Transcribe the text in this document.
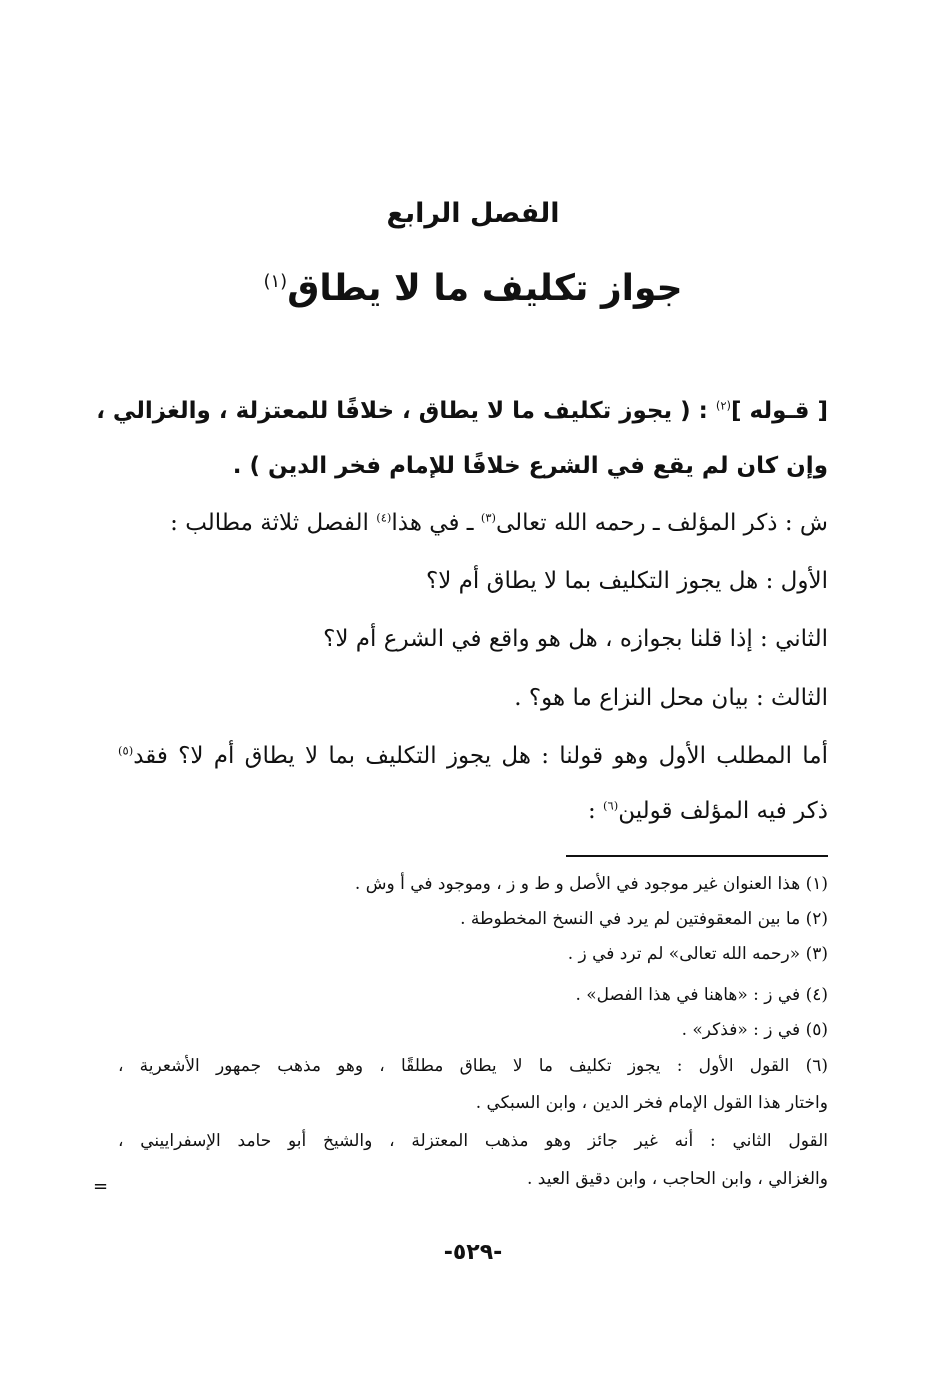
الفصل الرابع
جواز تكليف ما لا يطاق$^{(١)}$
[ قـوله ]$^{(٢)}$ : ( يجوز تكليف ما لا يطاق ، خلافًا للمعتزلة ، والغزالي ،
وإن كان لم يقع في الشرع خلافًا للإمام فخر الدين ) .
ش : ذكر المؤلف ـ رحمه الله تعالى$^{(٣)}$ ـ في هذا$^{(٤)}$ الفصل ثلاثة مطالب :
الأول : هل يجوز التكليف بما لا يطاق أم لا؟
الثاني : إذا قلنا بجوازه ، هل هو واقع في الشرع أم لا؟
الثالث : بيان محل النزاع ما هو؟ .
أما المطلب الأول وهو قولنا : هل يجوز التكليف بما لا يطاق أم لا؟ فقد$^{(٥)}$
ذكر فيه المؤلف قولين$^{(٦)}$ :
(١) هذا العنوان غير موجود في الأصل و ط و ز ، وموجود في أ وش .
(٢) ما بين المعقوفتين لم يرد في النسخ المخطوطة .
(٣) «رحمه الله تعالى» لم ترد في ز .
(٤) في ز : «هاهنا في هذا الفصل» .
(٥) في ز : «فذكر» .
(٦) القول الأول : يجوز تكليف ما لا يطاق مطلقًا ، وهو مذهب جمهور الأشعرية ،
واختار هذا القول الإمام فخر الدين ، وابن السبكي .
القول الثاني : أنه غير جائز وهو مذهب المعتزلة ، والشيخ أبو حامد الإسفراييني ،
والغزالي ، وابن الحاجب ، وابن دقيق العيد .
=
-٥٢٩-
